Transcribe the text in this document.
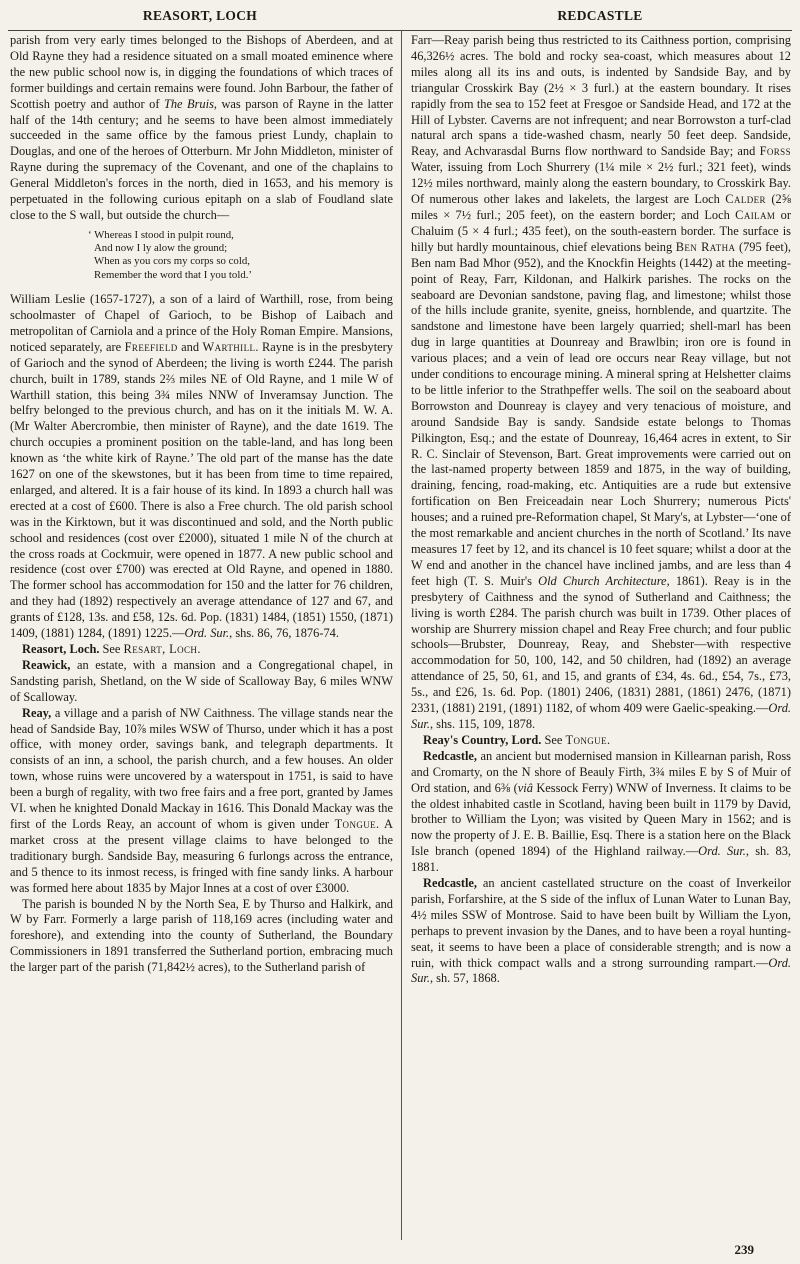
REASORT, LOCH	REDCASTLE

parish from very early times belonged to the Bishops of Aberdeen, and at Old Rayne they had a residence situated on a small moated eminence where the new public school now is, in digging the foundations of which traces of former buildings and certain remains were found. John Barbour, the father of Scottish poetry and author of The Bruis, was parson of Rayne in the latter half of the 14th century; and he seems to have been almost immediately succeeded in the same office by the famous priest Lundy, chaplain to Douglas, and one of the heroes of Otterburn. Mr John Middleton, minister of Rayne during the supremacy of the Covenant, and one of the chaplains to General Middleton's forces in the north, died in 1653, and his memory is perpetuated in the following curious epitaph on a slab of Foudland slate close to the S wall, but outside the church—

‘ Whereas I stood in pulpit round,
And now I ly alow the ground;
When as you cors my corps so cold,
Remember the word that I you told.’

William Leslie (1657-1727), a son of a laird of Warthill, rose, from being schoolmaster of Chapel of Garioch, to be Bishop of Laibach and metropolitan of Carniola and a prince of the Holy Roman Empire. Mansions, noticed separately, are Freefield and Warthill. Rayne is in the presbytery of Garioch and the synod of Aberdeen; the living is worth £244. The parish church, built in 1789, stands 2⅔ miles NE of Old Rayne, and 1 mile W of Warthill station, this being 3¾ miles NNW of Inveramsay Junction. The belfry belonged to the previous church, and has on it the initials M. W. A. (Mr Walter Abercrombie, then minister of Rayne), and the date 1619. The church occupies a prominent position on the table-land, and has long been known as ‘the white kirk of Rayne.’ The old part of the manse has the date 1627 on one of the skewstones, but it has been from time to time repaired, enlarged, and altered. It is a fair house of its kind. In 1893 a church hall was erected at a cost of £600. There is also a Free church. The old parish school was in the Kirktown, but it was discontinued and sold, and the North public school and residences (cost over £2000), situated 1 mile N of the church at the cross roads at Cockmuir, were opened in 1877. A new public school and residence (cost over £700) was erected at Old Rayne, and opened in 1880. The former school has accommodation for 150 and the latter for 76 children, and they had (1892) respectively an average attendance of 127 and 67, and grants of £128, 13s. and £58, 12s. 6d. Pop. (1831) 1484, (1851) 1550, (1871) 1409, (1881) 1284, (1891) 1225.—Ord. Sur., shs. 86, 76, 1876-74.

Reasort, Loch. See Resart, Loch.

Reawick, an estate, with a mansion and a Congregational chapel, in Sandsting parish, Shetland, on the W side of Scalloway Bay, 6 miles WNW of Scalloway.

Reay, a village and a parish of NW Caithness. The village stands near the head of Sandside Bay, 10⅞ miles WSW of Thurso, under which it has a post office, with money order, savings bank, and telegraph departments. It consists of an inn, a school, the parish church, and a few houses. An older town, whose ruins were uncovered by a waterspout in 1751, is said to have been a burgh of regality, with two free fairs and a free port, granted by James VI. when he knighted Donald Mackay in 1616. This Donald Mackay was the first of the Lords Reay, an account of whom is given under Tongue. A market cross at the present village claims to have belonged to the traditionary burgh. Sandside Bay, measuring 6 furlongs across the entrance, and 5 thence to its inmost recess, is fringed with fine sandy links. A harbour was formed here about 1835 by Major Innes at a cost of over £3000.

The parish is bounded N by the North Sea, E by Thurso and Halkirk, and W by Farr. Formerly a large parish of 118,169 acres (including water and foreshore), and extending into the county of Sutherland, the Boundary Commissioners in 1891 transferred the Sutherland portion, embracing much the larger part of the parish (71,842½ acres), to the Sutherland parish of

Farr—Reay parish being thus restricted to its Caithness portion, comprising 46,326½ acres. The bold and rocky sea-coast, which measures about 12 miles along all its ins and outs, is indented by Sandside Bay, and by triangular Crosskirk Bay (2½ × 3 furl.) at the eastern boundary. It rises rapidly from the sea to 152 feet at Fresgoe or Sandside Head, and 172 at the Hill of Lybster. Caverns are not infrequent; and near Borrowston a turf-clad natural arch spans a tide-washed chasm, nearly 50 feet deep. Sandside, Reay, and Achvarasdal Burns flow northward to Sandside Bay; and Forss Water, issuing from Loch Shurrery (1¼ mile × 2½ furl.; 321 feet), winds 12½ miles northward, mainly along the eastern boundary, to Crosskirk Bay. Of numerous other lakes and lakelets, the largest are Loch Calder (2⅝ miles × 7½ furl.; 205 feet), on the eastern border; and Loch Cailam or Chaluim (5 × 4 furl.; 435 feet), on the south-eastern border. The surface is hilly but hardly mountainous, chief elevations being Ben Ratha (795 feet), Ben nam Bad Mhor (952), and the Knockfin Heights (1442) at the meeting-point of Reay, Farr, Kildonan, and Halkirk parishes. The rocks on the seaboard are Devonian sandstone, paving flag, and limestone; whilst those of the hills include granite, syenite, gneiss, hornblende, and quartzite. The sandstone and limestone have been largely quarried; shell-marl has been dug in large quantities at Dounreay and Brawlbin; iron ore is found in various places; and a vein of lead ore occurs near Reay village, but not under conditions to encourage mining. A mineral spring at Helshetter claims to be little inferior to the Strathpeffer wells. The soil on the seaboard about Borrowston and Dounreay is clayey and very tenacious of moisture, and around Sandside Bay is sandy. Sandside estate belongs to Thomas Pilkington, Esq.; and the estate of Dounreay, 16,464 acres in extent, to Sir R. C. Sinclair of Stevenson, Bart. Great improvements were carried out on the last-named property between 1859 and 1875, in the way of building, draining, fencing, road-making, etc. Antiquities are a rude but extensive fortification on Ben Freiceadain near Loch Shurrery; numerous Picts' houses; and a ruined pre-Reformation chapel, St Mary's, at Lybster—‘one of the most remarkable and ancient churches in the north of Scotland.’ Its nave measures 17 feet by 12, and its chancel is 10 feet square; whilst a door at the W end and another in the chancel have inclined jambs, and are less than 4 feet high (T. S. Muir's Old Church Architecture, 1861). Reay is in the presbytery of Caithness and the synod of Sutherland and Caithness; the living is worth £284. The parish church was built in 1739. Other places of worship are Shurrery mission chapel and Reay Free church; and four public schools—Brubster, Dounreay, Reay, and Shebster—with respective accommodation for 50, 100, 142, and 50 children, had (1892) an average attendance of 25, 50, 61, and 15, and grants of £34, 4s. 6d., £54, 7s., £73, 5s., and £26, 1s. 6d. Pop. (1801) 2406, (1831) 2881, (1861) 2476, (1871) 2331, (1881) 2191, (1891) 1182, of whom 409 were Gaelic-speaking.—Ord. Sur., shs. 115, 109, 1878.

Reay's Country, Lord. See Tongue.

Redcastle, an ancient but modernised mansion in Killearnan parish, Ross and Cromarty, on the N shore of Beauly Firth, 3¾ miles E by S of Muir of Ord station, and 6⅜ (viâ Kessock Ferry) WNW of Inverness. It claims to be the oldest inhabited castle in Scotland, having been built in 1179 by David, brother to William the Lyon; was visited by Queen Mary in 1562; and is now the property of J. E. B. Baillie, Esq. There is a station here on the Black Isle branch (opened 1894) of the Highland railway.—Ord. Sur., sh. 83, 1881.

Redcastle, an ancient castellated structure on the coast of Inverkeilor parish, Forfarshire, at the S side of the influx of Lunan Water to Lunan Bay, 4½ miles SSW of Montrose. Said to have been built by William the Lyon, perhaps to prevent invasion by the Danes, and to have been a royal hunting-seat, it seems to have been a place of considerable strength; and is now a ruin, with thick compact walls and a strong surrounding rampart.—Ord. Sur., sh. 57, 1868.

239
